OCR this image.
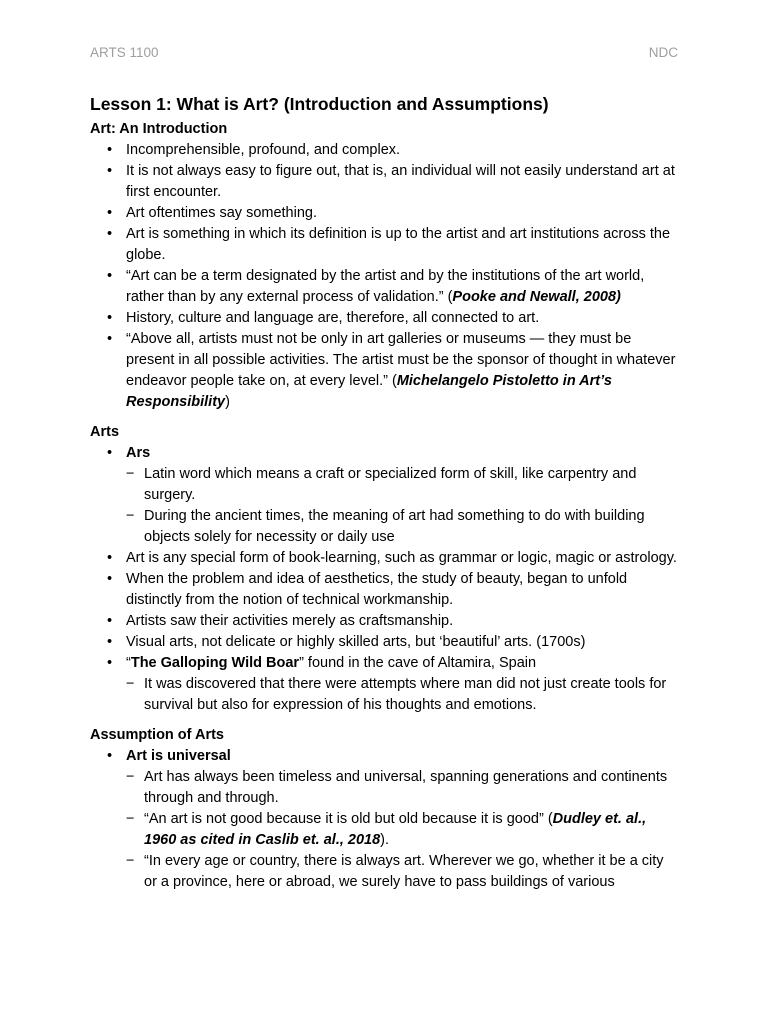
ARTS 1100	NDC
Lesson 1: What is Art? (Introduction and Assumptions)
Art: An Introduction
• Incomprehensible, profound, and complex.
• It is not always easy to figure out, that is, an individual will not easily understand art at first encounter.
• Art oftentimes say something.
• Art is something in which its definition is up to the artist and art institutions across the globe.
• “Art can be a term designated by the artist and by the institutions of the art world, rather than by any external process of validation.” (Pooke and Newall, 2008)
• History, culture and language are, therefore, all connected to art.
• “Above all, artists must not be only in art galleries or museums — they must be present in all possible activities. The artist must be the sponsor of thought in whatever endeavor people take on, at every level.” (Michelangelo Pistoletto in Art’s Responsibility)
Arts
• Ars
− Latin word which means a craft or specialized form of skill, like carpentry and surgery.
− During the ancient times, the meaning of art had something to do with building objects solely for necessity or daily use
• Art is any special form of book-learning, such as grammar or logic, magic or astrology.
• When the problem and idea of aesthetics, the study of beauty, began to unfold distinctly from the notion of technical workmanship.
• Artists saw their activities merely as craftsmanship.
• Visual arts, not delicate or highly skilled arts, but ‘beautiful’ arts. (1700s)
• “The Galloping Wild Boar” found in the cave of Altamira, Spain
− It was discovered that there were attempts where man did not just create tools for survival but also for expression of his thoughts and emotions.
Assumption of Arts
• Art is universal
− Art has always been timeless and universal, spanning generations and continents through and through.
− “An art is not good because it is old but old because it is good” (Dudley et. al., 1960 as cited in Caslib et. al., 2018).
− “In every age or country, there is always art. Wherever we go, whether it be a city or a province, here or abroad, we surely have to pass buildings of various
